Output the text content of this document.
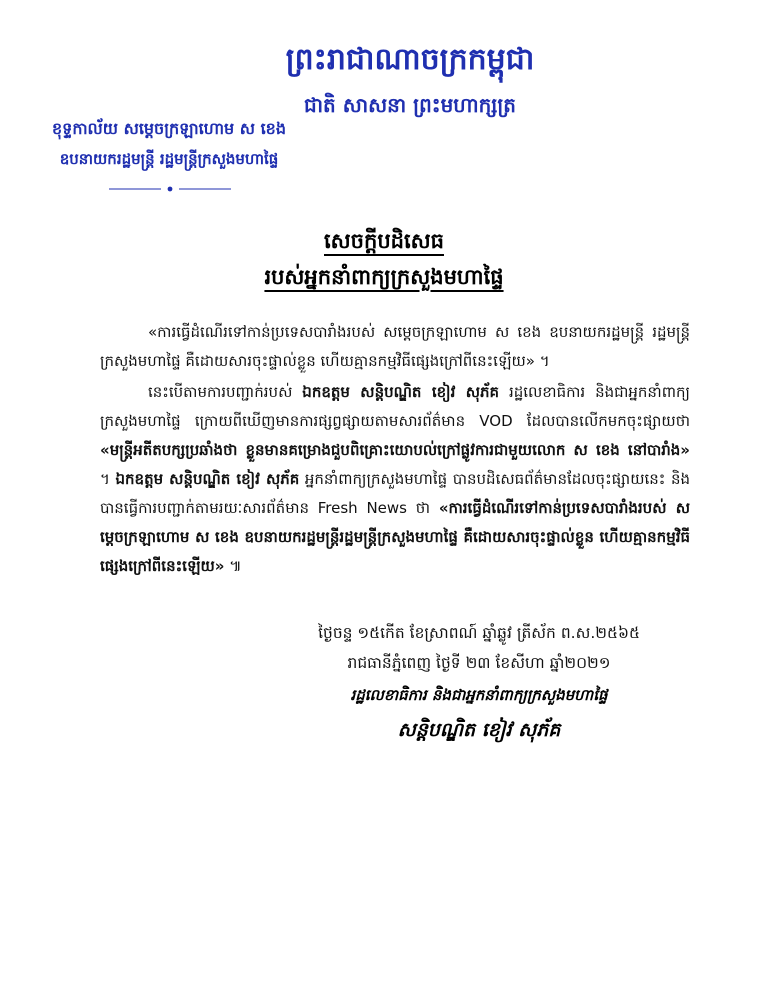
ព្រះរាជាណាចក្រកម្ពុជា
ជាតិ សាសនា ព្រះមហាក្សត្រ
ខុទ្ទកាល័យ សម្តេចក្រឡាហោម ស ខេង
ឧបនាយករដ្ឋមន្ត្រី រដ្ឋមន្ត្រីក្រសួងមហាផ្ទៃ
សេចក្តីបដិសេធ
របស់អ្នកនាំពាក្យក្រសួងមហាផ្ទៃ
«ការធ្វើដំណើរទៅកាន់ប្រទេសបារាំងរបស់ សម្តេចក្រឡាហោម ស ខេង ឧបនាយករដ្ឋមន្ត្រី រដ្ឋមន្ត្រីក្រសួងមហាផ្ទៃ គឺដោយសារចុះផ្ទាល់ខ្លួន ហើយគ្មានកម្មវិធីផ្សេងក្រៅពីនេះឡើយ» ។
នេះបើតាមការបញ្ជាក់របស់ ឯកឧត្តម សន្តិបណ្ឌិត ខៀវ សុភ័គ រដ្ឋលេខាធិការ និងជាអ្នកនាំពាក្យក្រសួងមហាផ្ទៃ ក្រោយពីឃើញមានការផ្សព្វផ្សាយតាមសារព័ត៌មាន VOD ដែលបានលើកមកចុះផ្សាយថា «មន្ត្រីអតីតបក្សប្រឆាំងថា ខ្លួនមានគម្រោងជួបពិគ្រោះយោបល់ក្រៅផ្លូវការជាមួយលោក ស ខេង នៅបារាំង» ។ ឯកឧត្តម សន្តិបណ្ឌិត ខៀវ សុភ័គ អ្នកនាំពាក្យក្រសួងមហាផ្ទៃ បានបដិសេធព័ត៌មានដែលចុះផ្សាយនេះ និងបានធ្វើការបញ្ជាក់តាមរយៈសារព័ត៌មាន Fresh News ថា «ការធ្វើដំណើរទៅកាន់ប្រទេសបារាំងរបស់ សម្តេចក្រឡាហោម ស ខេង ឧបនាយករដ្ឋមន្ត្រីរដ្ឋមន្ត្រីក្រសួងមហាផ្ទៃ គឺដោយសារចុះផ្ទាល់ខ្លួន ហើយគ្មានកម្មវិធីផ្សេងក្រៅពីនេះឡើយ» ៕
ថ្ងៃចន្ទ ១៥កើត ខែស្រាពណ៍ ឆ្នាំឆ្លូវ ត្រីស័ក ព.ស.២៥៦៥
រាជធានីភ្នំពេញ ថ្ងៃទី ២៣ ខែសីហា ឆ្នាំ២០២១
រដ្ឋលេខាធិការ និងជាអ្នកនាំពាក្យក្រសួងមហាផ្ទៃ
សន្តិបណ្ឌិត ខៀវ សុភ័គ
